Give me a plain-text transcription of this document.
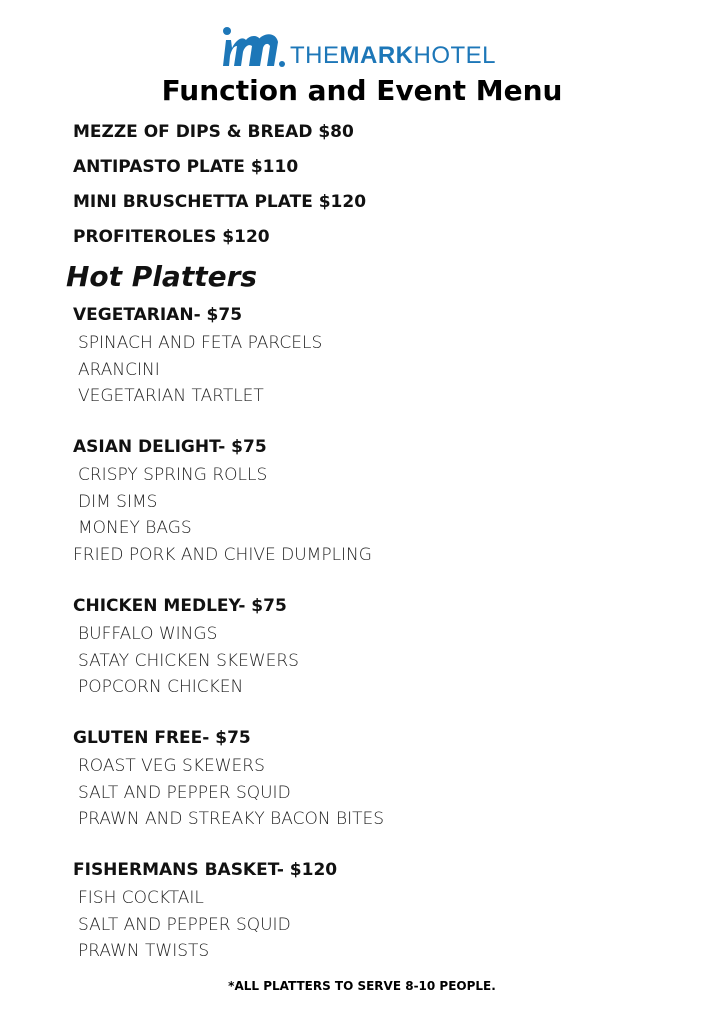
THEMARKHOTEL
Function and Event Menu
MEZZE OF DIPS & BREAD $80
ANTIPASTO PLATE $110
MINI BRUSCHETTA PLATE $120
PROFITEROLES $120
Hot Platters
VEGETARIAN- $75
SPINACH AND FETA PARCELS
ARANCINI
VEGETARIAN TARTLET
ASIAN DELIGHT- $75
CRISPY SPRING ROLLS
DIM SIMS
MONEY BAGS
FRIED PORK AND CHIVE DUMPLING
CHICKEN MEDLEY- $75
BUFFALO WINGS
SATAY CHICKEN SKEWERS
POPCORN CHICKEN
GLUTEN FREE- $75
ROAST VEG SKEWERS
SALT AND PEPPER SQUID
PRAWN AND STREAKY BACON BITES
FISHERMANS BASKET- $120
FISH COCKTAIL
SALT AND PEPPER SQUID
PRAWN TWISTS

*ALL PLATTERS TO SERVE 8-10 PEOPLE.
